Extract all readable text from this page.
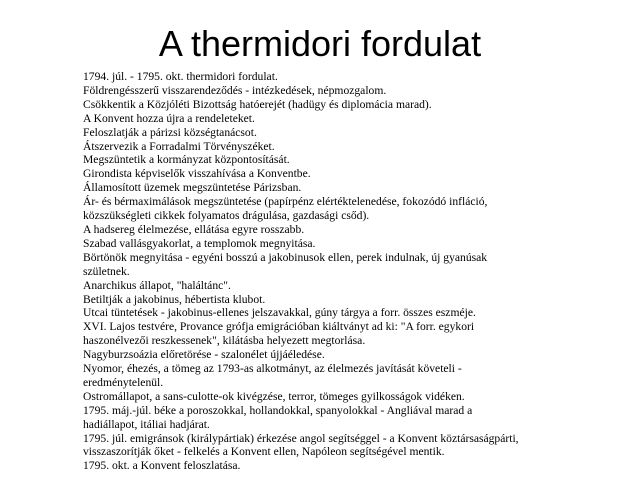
A thermidori fordulat
1794. júl. - 1795. okt. thermidori fordulat.
Földrengésszerű visszarendeződés - intézkedések, népmozgalom.
Csökkentik a Közjóléti Bizottság hatóerejét (hadügy és diplomácia marad).
A Konvent hozza újra a rendeleteket.
Feloszlatják a párizsi községtanácsot.
Átszervezik a Forradalmi Törvényszéket.
Megszüntetik a kormányzat központosítását.
Girondista képviselők visszahívása a Konventbe.
Államosított üzemek megszüntetése Párizsban.
Ár- és bérmaximálások megszüntetése (papírpénz elértéktelenedése, fokozódó infláció,
közszükségleti cikkek folyamatos drágulása, gazdasági csőd).
A hadsereg élelmezése, ellátása egyre rosszabb.
Szabad vallásgyakorlat, a templomok megnyitása.
Börtönök megnyitása - egyéni bosszú a jakobinusok ellen, perek indulnak, új gyanúsak
születnek.
Anarchikus állapot, "haláltánc".
Betiltják a jakobinus, hébertista klubot.
Utcai tüntetések - jakobinus-ellenes jelszavakkal, gúny tárgya a forr. összes eszméje.
XVI. Lajos testvére, Provance grófja emigrációban kiáltványt ad ki: "A forr. egykori
haszonélvezői reszkessenek", kilátásba helyezett megtorlása.
Nagyburzsoázia előretörése - szalonélet újjáéledése.
Nyomor, éhezés, a tömeg az 1793-as alkotmányt, az élelmezés javítását követeli -
eredménytelenül.
Ostromállapot, a sans-culotte-ok kivégzése, terror, tömeges gyilkosságok vidéken.
1795. máj.-júl. béke a poroszokkal, hollandokkal, spanyolokkal - Angliával marad a
hadiállapot, itáliai hadjárat.
1795. júl. emigránsok (királypártiak) érkezése angol segítséggel - a Konvent köztársaságpárti,
visszaszorítják őket - felkelés a Konvent ellen, Napóleon segítségével mentik.
1795. okt. a Konvent feloszlatása.
